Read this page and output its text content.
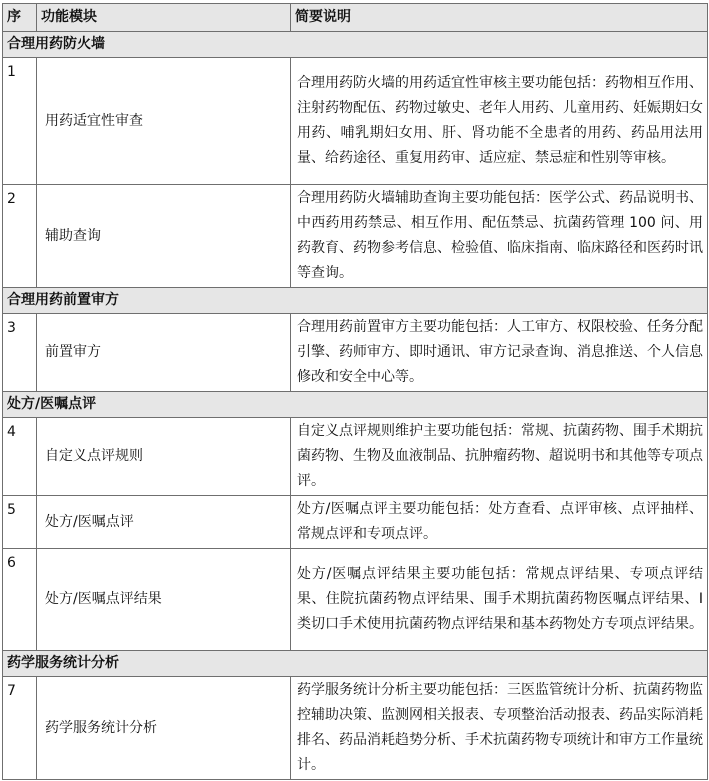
序	功能模块	简要说明
合理用药防火墙		
1	用药适宜性审查	合理用药防火墙的用药适宜性审核主要功能包括：药物相互作用、注射药物配伍、药物过敏史、老年人用药、儿童用药、妊娠期妇女用药、哺乳期妇女用、肝、肾功能不全患者的用药、药品用法用量、给药途径、重复用药审、适应症、禁忌症和性别等审核。
2	辅助查询	合理用药防火墙辅助查询主要功能包括：医学公式、药品说明书、中西药用药禁忌、相互作用、配伍禁忌、抗菌药管理 100 问、用药教育、药物参考信息、检验值、临床指南、临床路径和医药时讯等查询。
合理用药前置审方		
3	前置审方	合理用药前置审方主要功能包括：人工审方、权限校验、任务分配引擎、药师审方、即时通讯、审方记录查询、消息推送、个人信息修改和安全中心等。
处方/医嘱点评		
4	自定义点评规则	自定义点评规则维护主要功能包括：常规、抗菌药物、围手术期抗菌药物、生物及血液制品、抗肿瘤药物、超说明书和其他等专项点评。
5	处方/医嘱点评	处方/医嘱点评主要功能包括：处方查看、点评审核、点评抽样、常规点评和专项点评。
6	处方/医嘱点评结果	处方/医嘱点评结果主要功能包括：常规点评结果、专项点评结果、住院抗菌药物点评结果、围手术期抗菌药物医嘱点评结果、I 类切口手术使用抗菌药物点评结果和基本药物处方专项点评结果。
药学服务统计分析		
7	药学服务统计分析	药学服务统计分析主要功能包括：三医监管统计分析、抗菌药物监控辅助决策、监测网相关报表、专项整治活动报表、药品实际消耗排名、药品消耗趋势分析、手术抗菌药物专项统计和审方工作量统计。
